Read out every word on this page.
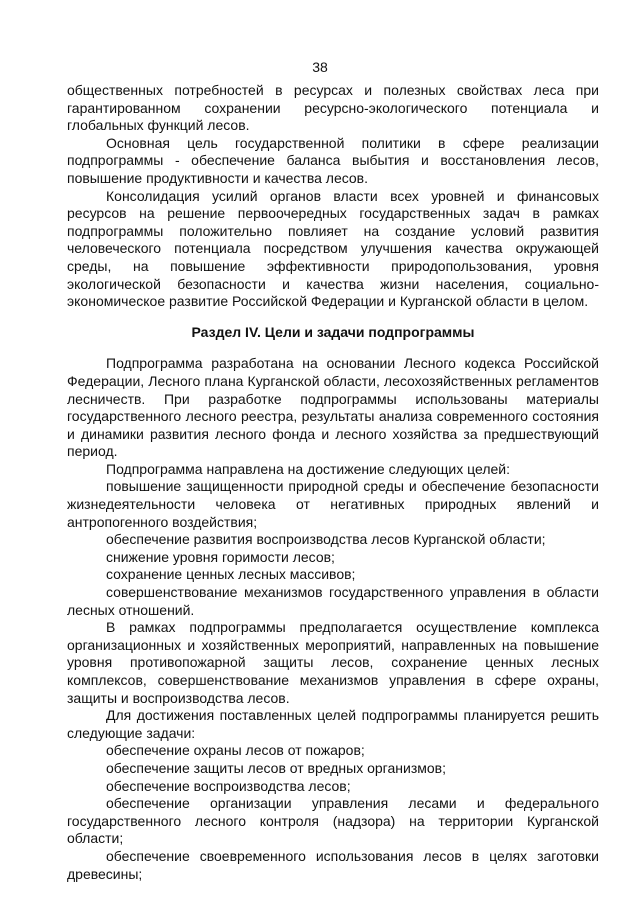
38

общественных потребностей в ресурсах и полезных свойствах леса при гарантированном сохранении ресурсно-экологического потенциала и глобальных функций лесов.

Основная цель государственной политики в сфере реализации подпрограммы - обеспечение баланса выбытия и восстановления лесов, повышение продуктивности и качества лесов.

Консолидация усилий органов власти всех уровней и финансовых ресурсов на решение первоочередных государственных задач в рамках подпрограммы положительно повлияет на создание условий развития человеческого потенциала посредством улучшения качества окружающей среды, на повышение эффективности природопользования, уровня экологической безопасности и качества жизни населения, социально-экономическое развитие Российской Федерации и Курганской области в целом.

Раздел IV. Цели и задачи подпрограммы

Подпрограмма разработана на основании Лесного кодекса Российской Федерации, Лесного плана Курганской области, лесохозяйственных регламентов лесничеств. При разработке подпрограммы использованы материалы государственного лесного реестра, результаты анализа современного состояния и динамики развития лесного фонда и лесного хозяйства за предшествующий период.

Подпрограмма направлена на достижение следующих целей:

повышение защищенности природной среды и обеспечение безопасности жизнедеятельности человека от негативных природных явлений и антропогенного воздействия;

обеспечение развития воспроизводства лесов Курганской области;

снижение уровня горимости лесов;

сохранение ценных лесных массивов;

совершенствование механизмов государственного управления в области лесных отношений.

В рамках подпрограммы предполагается осуществление комплекса организационных и хозяйственных мероприятий, направленных на повышение уровня противопожарной защиты лесов, сохранение ценных лесных комплексов, совершенствование механизмов управления в сфере охраны, защиты и воспроизводства лесов.

Для достижения поставленных целей подпрограммы планируется решить следующие задачи:

обеспечение охраны лесов от пожаров;

обеспечение защиты лесов от вредных организмов;

обеспечение воспроизводства лесов;

обеспечение организации управления лесами и федерального государственного лесного контроля (надзора) на территории Курганской области;

обеспечение своевременного использования лесов в целях заготовки древесины;
